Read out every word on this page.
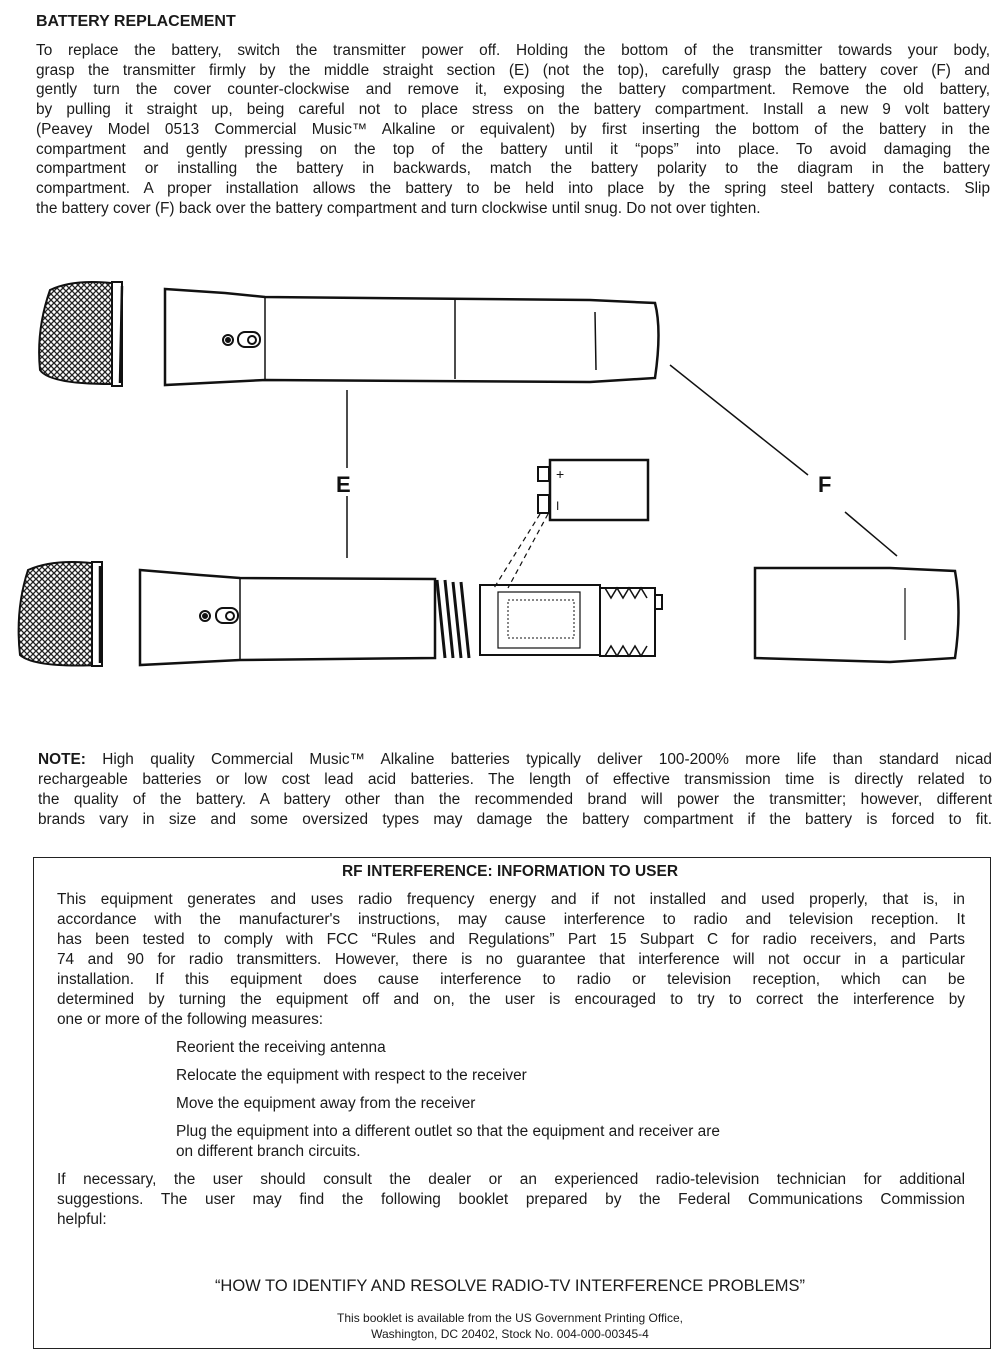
BATTERY REPLACEMENT
To replace the battery, switch the transmitter power off. Holding the bottom of the transmitter towards your body,
grasp the transmitter firmly by the middle straight section (E) (not the top), carefully grasp the battery cover (F) and
gently turn the cover counter-clockwise and remove it, exposing the battery compartment. Remove the old battery,
by pulling it straight up, being careful not to place stress on the battery compartment. Install a new 9 volt battery
(Peavey Model 0513 Commercial Music™ Alkaline or equivalent) by first inserting the bottom of the battery in the
compartment and gently pressing on the top of the battery until it “pops” into place. To avoid damaging the
compartment or installing the battery in backwards, match the battery polarity to the diagram in the battery
compartment. A proper installation allows the battery to be held into place by the spring steel battery contacts. Slip
the battery cover (F) back over the battery compartment and turn clockwise until snug. Do not over tighten.
E	F
+
I
NOTE: High quality Commercial Music™ Alkaline batteries typically deliver 100-200% more life than standard nicad
rechargeable batteries or low cost lead acid batteries. The length of effective transmission time is directly related to
the quality of the battery. A battery other than the recommended brand will power the transmitter; however, different
brands vary in size and some oversized types may damage the battery compartment if the battery is forced to fit.
RF INTERFERENCE: INFORMATION TO USER
This equipment generates and uses radio frequency energy and if not installed and used properly, that is, in
accordance with the manufacturer's instructions, may cause interference to radio and television reception. It
has been tested to comply with FCC “Rules and Regulations” Part 15 Subpart C for radio receivers, and Parts
74 and 90 for radio transmitters. However, there is no guarantee that interference will not occur in a particular
installation. If this equipment does cause interference to radio or television reception, which can be
determined by turning the equipment off and on, the user is encouraged to try to correct the interference by
one or more of the following measures:
Reorient the receiving antenna
Relocate the equipment with respect to the receiver
Move the equipment away from the receiver
Plug the equipment into a different outlet so that the equipment and receiver are
on different branch circuits.
If necessary, the user should consult the dealer or an experienced radio-television technician for additional
suggestions. The user may find the following booklet prepared by the Federal Communications Commission
helpful:
“HOW TO IDENTIFY AND RESOLVE RADIO-TV INTERFERENCE PROBLEMS”
This booklet is available from the US Government Printing Office,
Washington, DC 20402, Stock No. 004-000-00345-4
